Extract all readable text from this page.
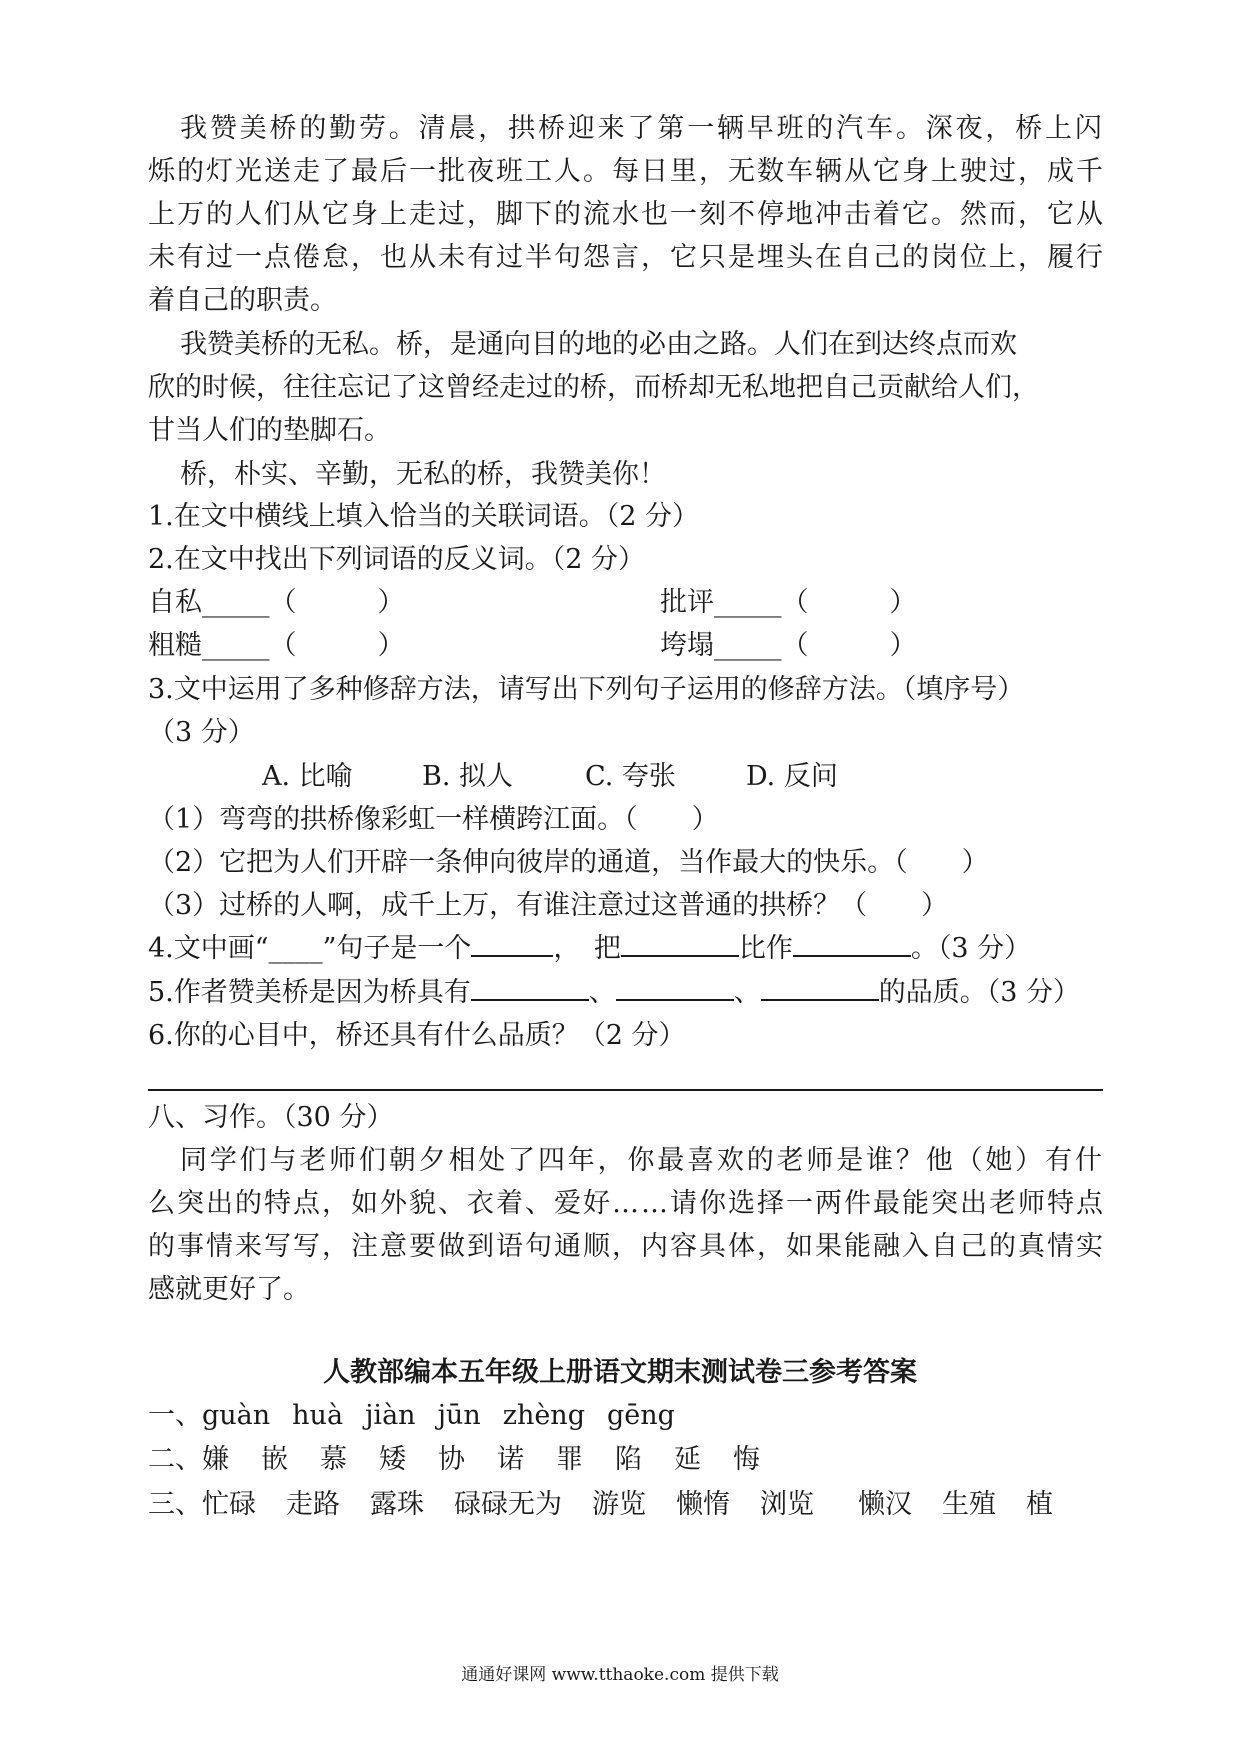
我 赞 美 桥 的 勤 劳 。 清 晨 ， 拱 桥 迎 来 了 第 一 辆 早 班 的 汽 车 。 深 夜 ， 桥 上 闪
烁 的 灯 光 送 走 了 最 后 一 批 夜 班 工 人 。 每 日 里 ， 无 数 车 辆 从 它 身 上 驶 过 ， 成 千
上 万 的 人 们 从 它 身 上 走 过 ， 脚 下 的 流 水 也 一 刻 不 停 地 冲 击 着 它 。 然 而 ， 它 从
未 有 过 一 点 倦 怠 ， 也 从 未 有 过 半 句 怨 言 ， 它 只 是 埋 头 在 自 己 的 岗 位 上 ， 履 行
着自己的职责。
我赞美桥的无私。桥，是通向目的地的必由之路。人们在到达终点而欢
欣的时候，往往忘记了这曾经走过的桥，而桥却无私地把自己贡献给人们，
甘当人们的垫脚石。
桥，朴实、辛勤，无私的桥，我赞美你！
1.在文中横线上填入恰当的关联词语。（2 分）
2.在文中找出下列词语的反义词。（2 分）
自私_____（　　　）	批评_____（　　　）
粗糙_____（　　　）	垮塌_____（　　　）
3.文中运用了多种修辞方法，请写出下列句子运用的修辞方法。（填序号）
（3 分）
A. 比喻	B. 拟人	C. 夸张	D. 反问
（1）弯弯的拱桥像彩虹一样横跨江面。（　　）
（2）它把为人们开辟一条伸向彼岸的通道，当作最大的快乐。（　　）
（3）过桥的人啊，成千上万，有谁注意过这普通的拱桥？（　　）
4.文中画“____”句子是一个	，　把	比作	。（3 分）
5.作者赞美桥是因为桥具有	、	、	的品质。（3 分）
6.你的心目中，桥还具有什么品质？（2 分）
八、习作。（30 分）
同 学 们 与 老 师 们 朝 夕 相 处 了 四 年 ， 你 最 喜 欢 的 老 师 是 谁 ？ 他 （ 她 ） 有 什
么 突 出 的 特 点 ， 如 外 貌 、 衣 着 、 爱 好 … … 请 你 选 择 一 两 件 最 能 突 出 老 师 特 点
的 事 情 来 写 写 ， 注 意 要 做 到 语 句 通 顺 ， 内 容 具 体 ， 如 果 能 融 入 自 己 的 真 情 实
感就更好了。
人教部编本五年级上册语文期末测试卷三参考答案
一、guàn huà jiàn jūn zhèng gēng
二、嫌 嵌 慕 矮 协 诺 罪 陷 延 悔
三、忙碌 走路 露珠 碌碌无为 游览 懒惰 浏览 懒汉 生殖 植
通通好课网 www.tthaoke.com 提供下载
